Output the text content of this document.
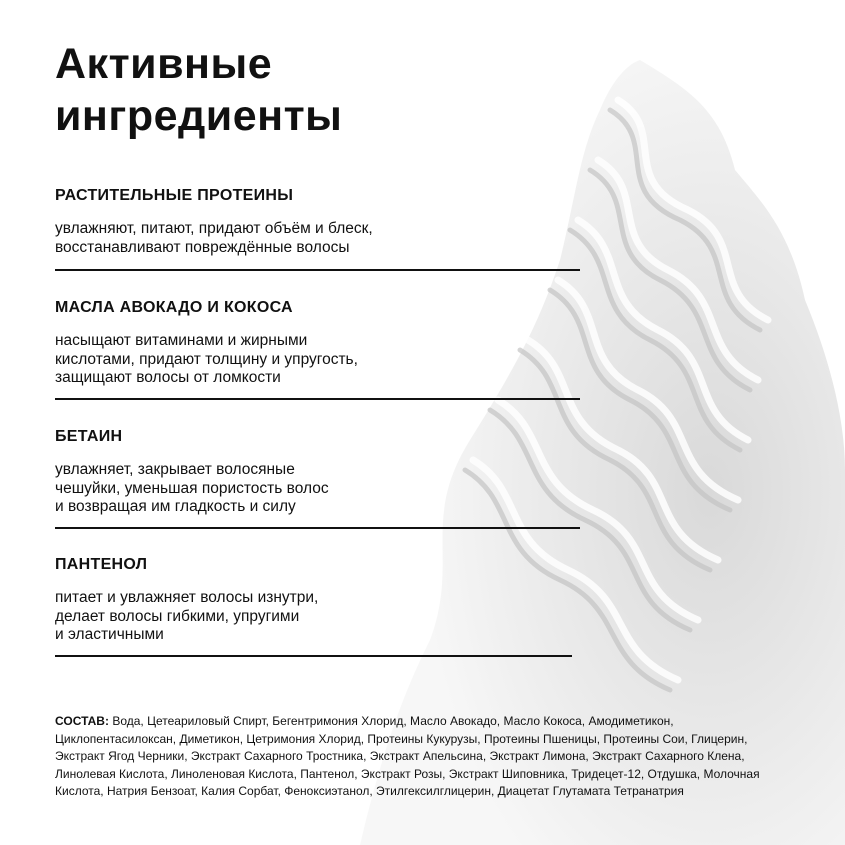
Активные
ингредиенты

РАСТИТЕЛЬНЫЕ ПРОТЕИНЫ

увлажняют, питают, придают объём и блеск,
восстанавливают повреждённые волосы

МАСЛА АВОКАДО И КОКОСА

насыщают витаминами и жирными
кислотами, придают толщину и упругость,
защищают волосы от ломкости

БЕТАИН

увлажняет, закрывает волосяные
чешуйки, уменьшая пористость волос
и возвращая им гладкость и силу

ПАНТЕНОЛ

питает и увлажняет волосы изнутри,
делает волосы гибкими, упругими
и эластичными

СОСТАВ: Вода, Цетеариловый Спирт, Бегентримония Хлорид, Масло Авокадо, Масло Кокоса, Амодиметикон, Циклопентасилоксан, Диметикон, Цетримония Хлорид, Протеины Кукурузы, Протеины Пшеницы, Протеины Сои, Глицерин, Экстракт Ягод Черники, Экстракт Сахарного Тростника, Экстракт Апельсина, Экстракт Лимона, Экстракт Сахарного Клена, Линолевая Кислота, Линоленовая Кислота, Пантенол, Экстракт Розы, Экстракт Шиповника, Тридецет-12, Отдушка, Молочная Кислота, Натрия Бензоат, Калия Сорбат, Феноксиэтанол, Этилгексилглицерин, Диацетат Глутамата Тетранатрия
